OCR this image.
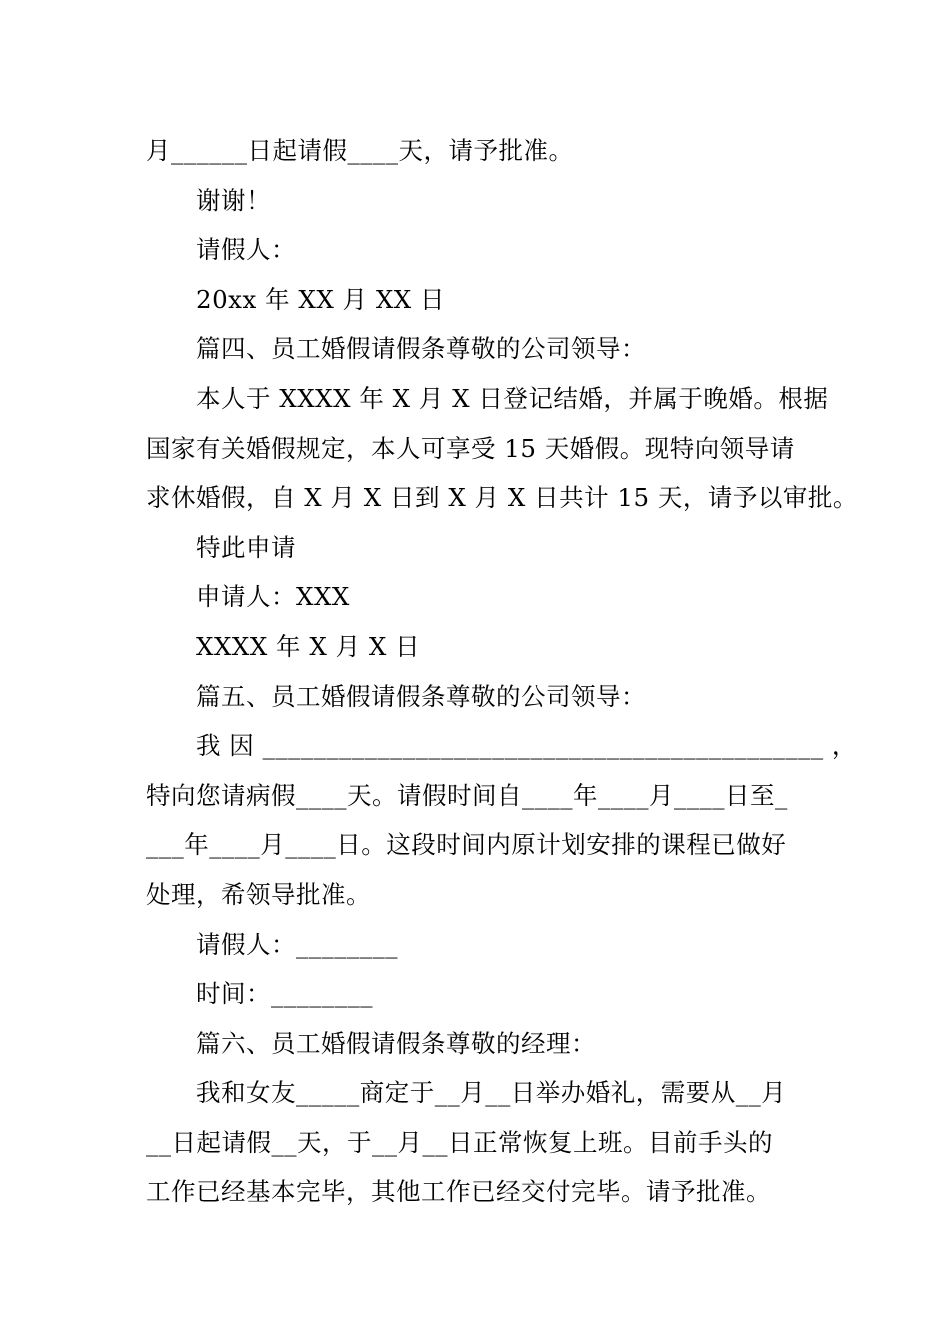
月______日起请假____天，请予批准。
谢谢！
请假人：
20xx 年 XX 月 XX 日
篇四、员工婚假请假条尊敬的公司领导：
本人于 XXXX 年 X 月 X 日登记结婚，并属于晚婚。根据
国家有关婚假规定，本人可享受 15 天婚假。现特向领导请
求休婚假，自 X 月 X 日到 X 月 X 日共计 15 天，请予以审批。
特此申请
申请人：XXX
XXXX 年 X 月 X 日
篇五、员工婚假请假条尊敬的公司领导：
我 因 ____________________________________________ ，
特向您请病假____天。请假时间自____年____月____日至_
___年____月____日。这段时间内原计划安排的课程已做好
处理，希领导批准。
请假人：________
时间：________
篇六、员工婚假请假条尊敬的经理：
我和女友_____商定于__月__日举办婚礼，需要从__月
__日起请假__天，于__月__日正常恢复上班。目前手头的
工作已经基本完毕，其他工作已经交付完毕。请予批准。
